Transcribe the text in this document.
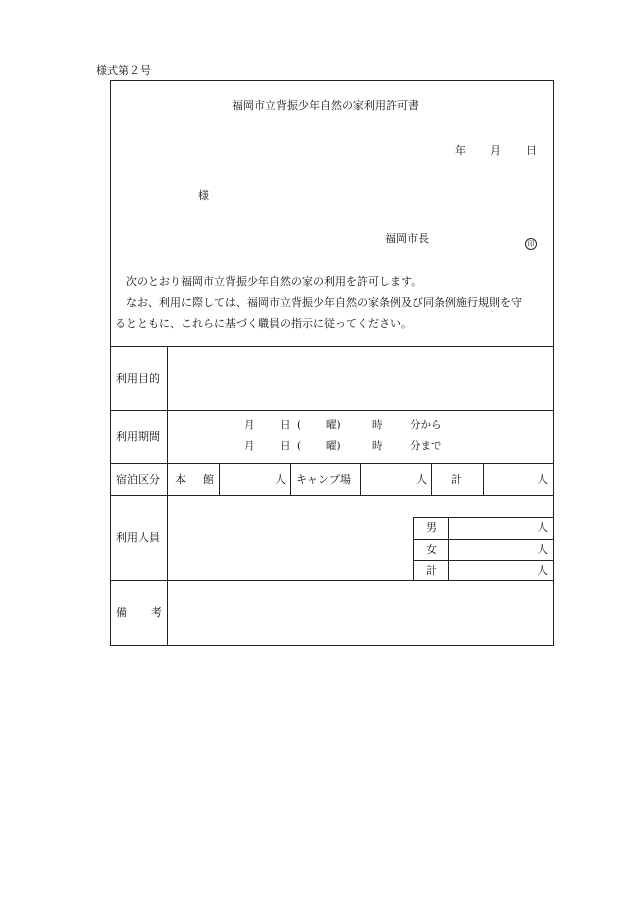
様式第２号
福岡市立背振少年自然の家利用許可書
年 月 日
様
福岡市長	印
次のとおり福岡市立背振少年自然の家の利用を許可します。
なお、利用に際しては、福岡市立背振少年自然の家条例及び同条例施行規則を守
るとともに、これらに基づく職員の指示に従ってください。
利用目的
利用期間
月 日 ( 曜)	時	分から
月 日 ( 曜)	時	分まで
宿泊区分 本 館	人 キャンプ場	人 計	人
利用人員
男	人
女	人
計	人
備 考
